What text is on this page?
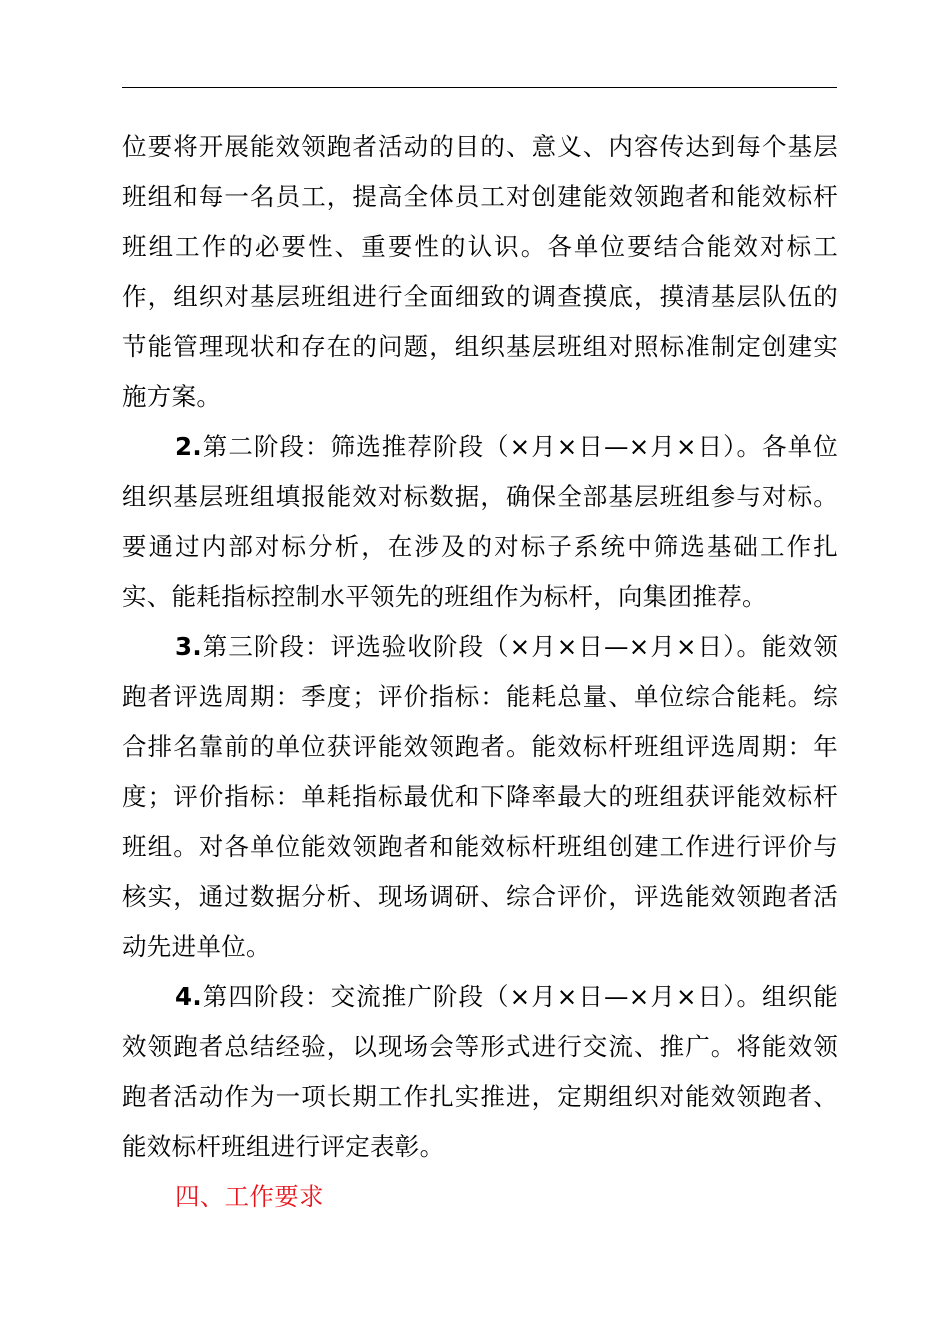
位要将开展能效领跑者活动的目的、意义、内容传达到每个基层班组和每一名员工，提高全体员工对创建能效领跑者和能效标杆班组工作的必要性、重要性的认识。各单位要结合能效对标工作，组织对基层班组进行全面细致的调查摸底，摸清基层队伍的节能管理现状和存在的问题，组织基层班组对照标准制定创建实施方案。

2.第二阶段：筛选推荐阶段（×月×日—×月×日）。各单位组织基层班组填报能效对标数据，确保全部基层班组参与对标。要通过内部对标分析，在涉及的对标子系统中筛选基础工作扎实、能耗指标控制水平领先的班组作为标杆，向集团推荐。

3.第三阶段：评选验收阶段（×月×日—×月×日）。能效领跑者评选周期：季度；评价指标：能耗总量、单位综合能耗。综合排名靠前的单位获评能效领跑者。能效标杆班组评选周期：年度；评价指标：单耗指标最优和下降率最大的班组获评能效标杆班组。对各单位能效领跑者和能效标杆班组创建工作进行评价与核实，通过数据分析、现场调研、综合评价，评选能效领跑者活动先进单位。

4.第四阶段：交流推广阶段（×月×日—×月×日）。组织能效领跑者总结经验，以现场会等形式进行交流、推广。将能效领跑者活动作为一项长期工作扎实推进，定期组织对能效领跑者、能效标杆班组进行评定表彰。

四、工作要求
